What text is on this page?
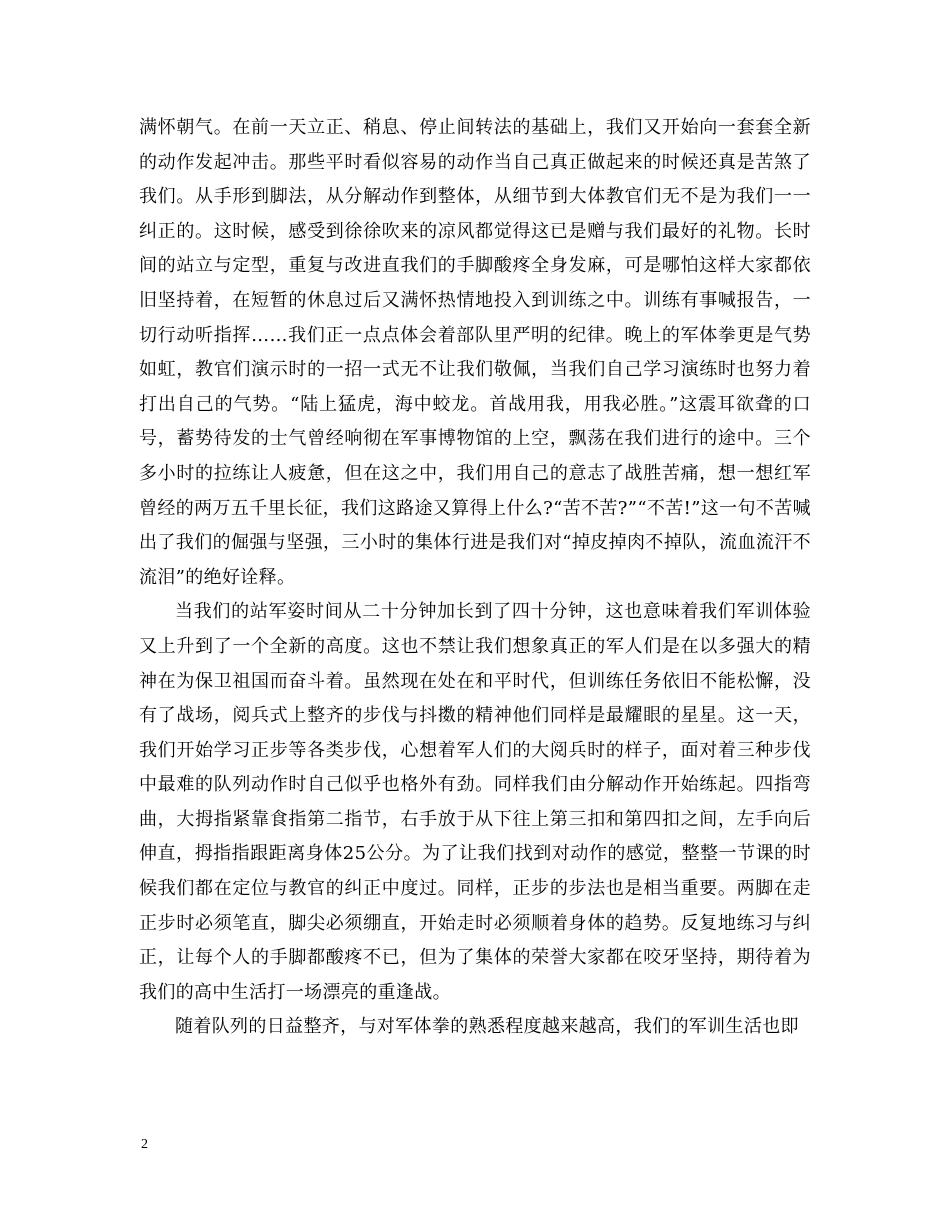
满怀朝气。在前一天立正、稍息、停止间转法的基础上，我们又开始向一套套全新的动作发起冲击。那些平时看似容易的动作当自己真正做起来的时候还真是苦煞了我们。从手形到脚法，从分解动作到整体，从细节到大体教官们无不是为我们一一纠正的。这时候，感受到徐徐吹来的凉风都觉得这已是赠与我们最好的礼物。长时间的站立与定型，重复与改进直我们的手脚酸疼全身发麻，可是哪怕这样大家都依旧坚持着，在短暂的休息过后又满怀热情地投入到训练之中。训练有事喊报告，一切行动听指挥……我们正一点点体会着部队里严明的纪律。晚上的军体拳更是气势如虹，教官们演示时的一招一式无不让我们敬佩，当我们自己学习演练时也努力着打出自己的气势。“陆上猛虎，海中蛟龙。首战用我，用我必胜。”这震耳欲聋的口号，蓄势待发的士气曾经响彻在军事博物馆的上空，飘荡在我们进行的途中。三个多小时的拉练让人疲惫，但在这之中，我们用自己的意志了战胜苦痛，想一想红军曾经的两万五千里长征，我们这路途又算得上什么?“苦不苦?”“不苦!”这一句不苦喊出了我们的倔强与坚强，三小时的集体行进是我们对“掉皮掉肉不掉队，流血流汗不流泪”的绝好诠释。

当我们的站军姿时间从二十分钟加长到了四十分钟，这也意味着我们军训体验又上升到了一个全新的高度。这也不禁让我们想象真正的军人们是在以多强大的精神在为保卫祖国而奋斗着。虽然现在处在和平时代，但训练任务依旧不能松懈，没有了战场，阅兵式上整齐的步伐与抖擞的精神他们同样是最耀眼的星星。这一天，我们开始学习正步等各类步伐，心想着军人们的大阅兵时的样子，面对着三种步伐中最难的队列动作时自己似乎也格外有劲。同样我们由分解动作开始练起。四指弯曲，大拇指紧靠食指第二指节，右手放于从下往上第三扣和第四扣之间，左手向后伸直，拇指指跟距离身体25公分。为了让我们找到对动作的感觉，整整一节课的时候我们都在定位与教官的纠正中度过。同样，正步的步法也是相当重要。两脚在走正步时必须笔直，脚尖必须绷直，开始走时必须顺着身体的趋势。反复地练习与纠正，让每个人的手脚都酸疼不已，但为了集体的荣誉大家都在咬牙坚持，期待着为我们的高中生活打一场漂亮的重逢战。

随着队列的日益整齐，与对军体拳的熟悉程度越来越高，我们的军训生活也即

2
